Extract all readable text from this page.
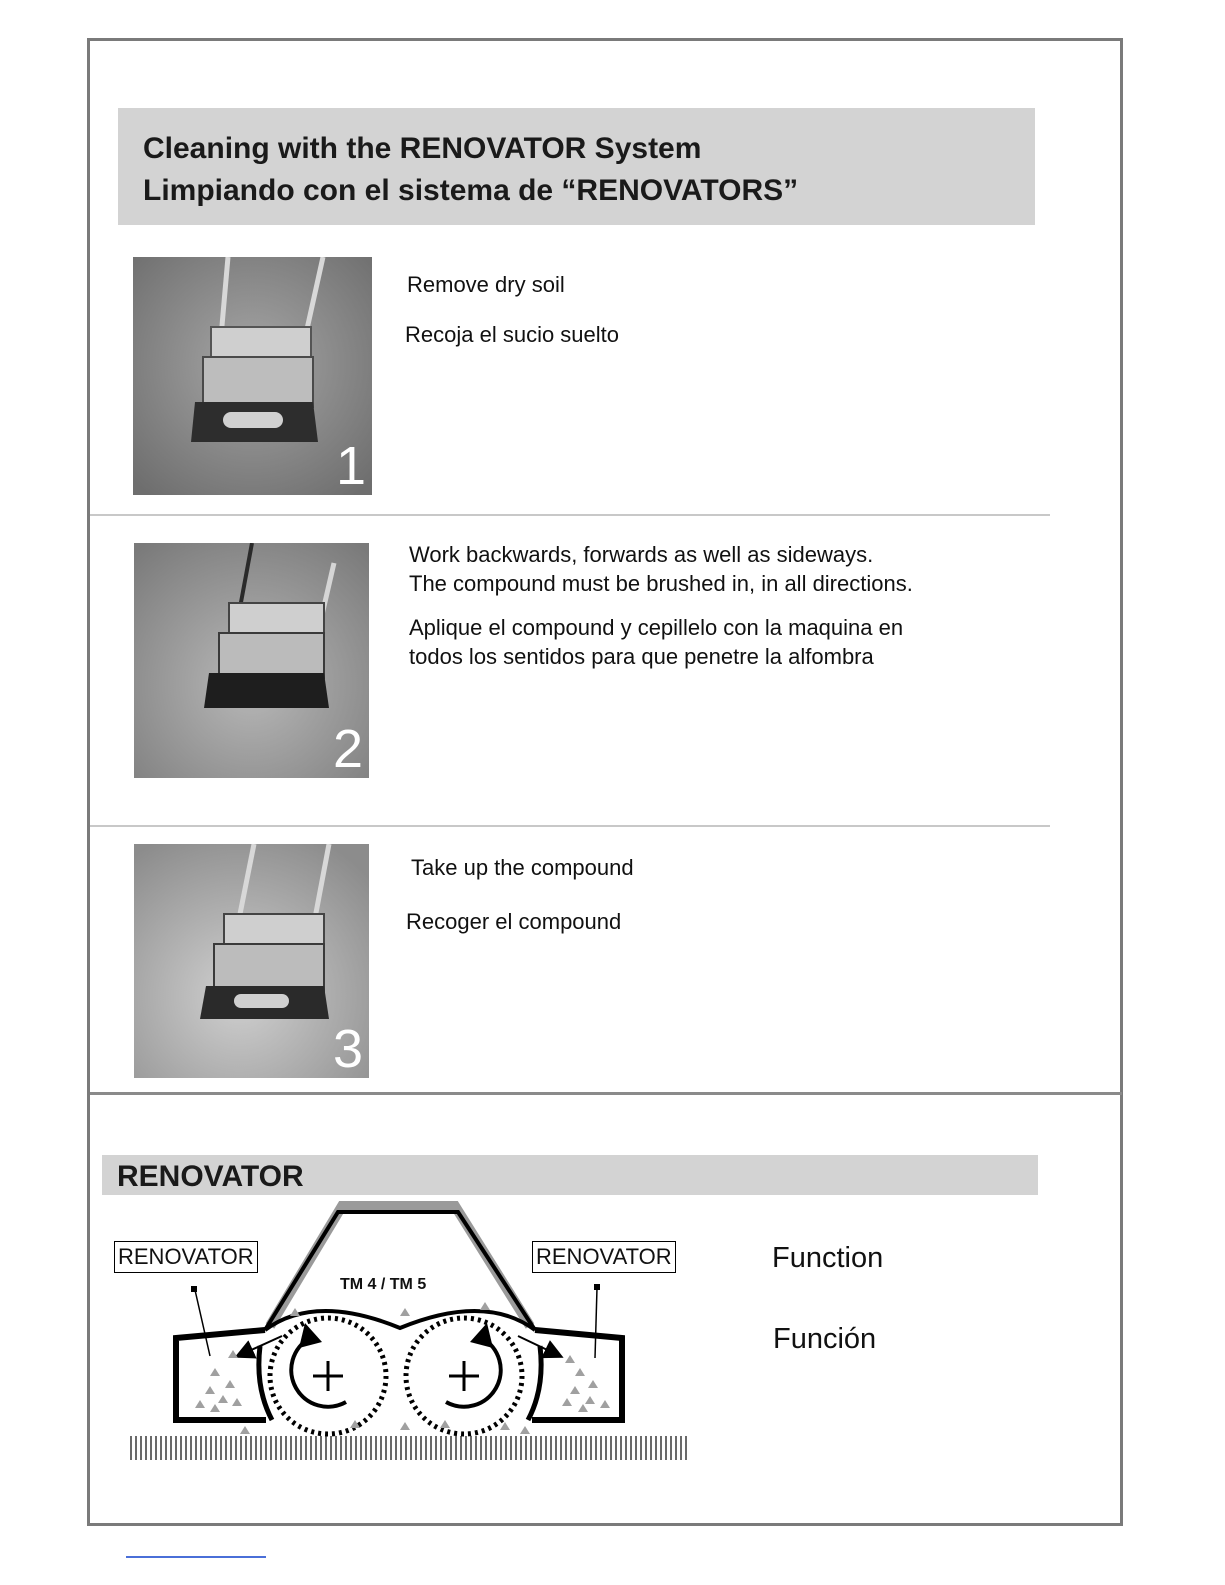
Cleaning with the RENOVATOR System
Limpiando con el sistema de “RENOVATORS”
1
Remove dry soil
Recoja el sucio suelto
2
Work backwards, forwards as well as sideways.
The compound must be brushed in, in all directions.
Aplique el compound y cepillelo con la maquina en
todos los sentidos para que penetre la alfombra
3
Take up the compound
Recoger el compound
RENOVATOR
RENOVATOR	RENOVATOR
TM 4 / TM 5
Function
Función
